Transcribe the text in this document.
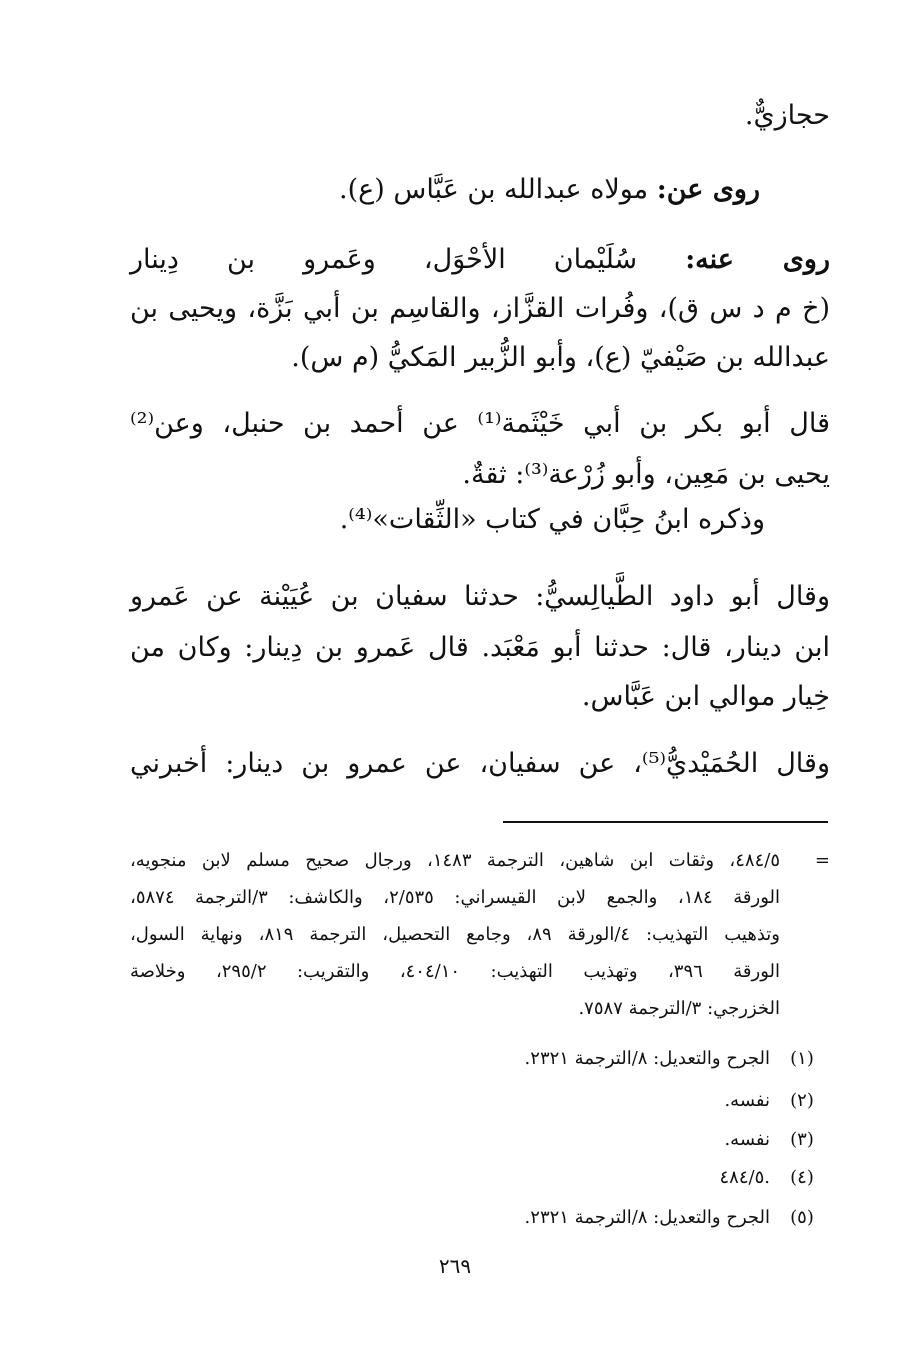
حجازيٌّ.
روى عن: مولاه عبدالله بن عَبَّاس (ع).
روى عنه: سُلَيْمان الأحْوَل، وعَمرو بن دِينار
(خ م د س ق)، وفُرات القزَّاز، والقاسِم بن أبي بَزَّة، ويحيى بن
عبدالله بن صَيْفيّ (ع)، وأبو الزُّبير المَكيُّ (م س).
قال أبو بكر بن أبي خَيْثَمة⁽¹⁾ عن أحمد بن حنبل، وعن⁽²⁾
يحيى بن مَعِين، وأبو زُرْعة⁽³⁾: ثقةٌ.
وذكره ابنُ حِبَّان في كتاب «الثِّقات»⁽⁴⁾.
وقال أبو داود الطَّيالِسيُّ: حدثنا سفيان بن عُيَيْنة عن عَمرو
ابن دينار، قال: حدثنا أبو مَعْبَد. قال عَمرو بن دِينار: وكان من
خِيار موالي ابن عَبَّاس.
وقال الحُمَيْديُّ⁽⁵⁾، عن سفيان، عن عمرو بن دينار: أخبرني
=
٤٨٤/٥، وثقات ابن شاهين، الترجمة ١٤٨٣، ورجال صحيح مسلم لابن منجويه،
الورقة ١٨٤، والجمع لابن القيسراني: ٢/٥٣٥، والكاشف: ٣/الترجمة ٥٨٧٤،
وتذهيب التهذيب: ٤/الورقة ٨٩، وجامع التحصيل، الترجمة ٨١٩، ونهاية السول،
الورقة ٣٩٦، وتهذيب التهذيب: ٤٠٤/١٠، والتقريب: ٢٩٥/٢، وخلاصة
الخزرجي: ٣/الترجمة ٧٥٨٧.
(١)
الجرح والتعديل: ٨/الترجمة ٢٣٢١.
(٢)
نفسه.
(٣)
نفسه.
(٤)
٤٨٤/٥.
(٥)
الجرح والتعديل: ٨/الترجمة ٢٣٢١.
٢٦٩
